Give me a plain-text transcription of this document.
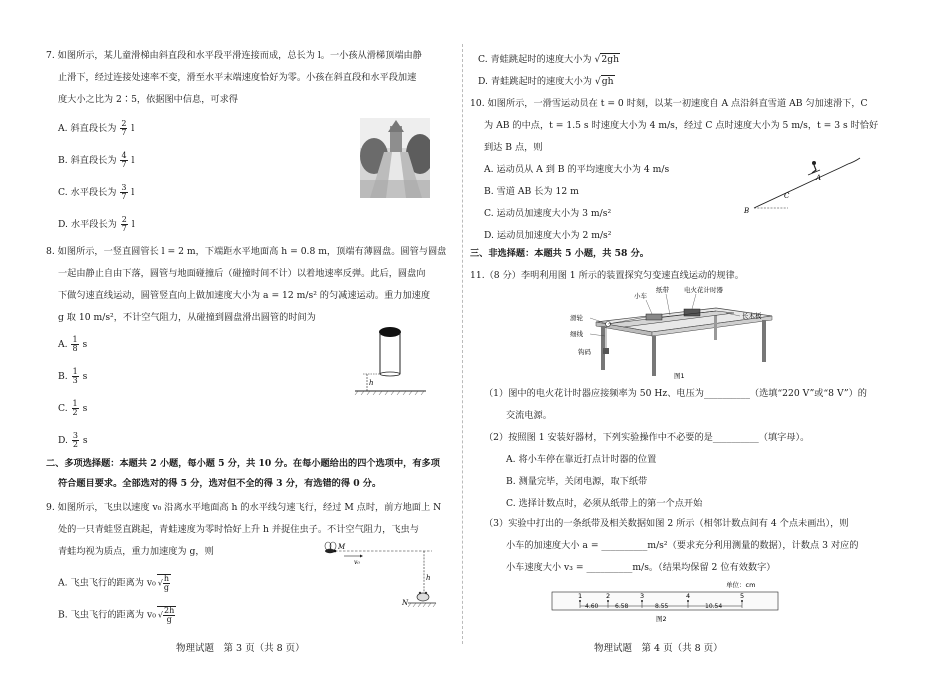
7. 如图所示，某儿童滑梯由斜直段和水平段平滑连接而成，总长为 l。一小孩从滑梯顶端由静
止滑下，经过连接处速率不变，滑至水平末端速度恰好为零。小孩在斜直段和水平段加速
度大小之比为 2∶5，依据图中信息，可求得
A. 斜直段长为 $\frac{2}{7}$ l
B. 斜直段长为 $\frac{4}{7}$ l
C. 水平段长为 $\frac{3}{7}$ l
D. 水平段长为 $\frac{2}{7}$ l
8. 如图所示，一竖直圆管长 l = 2 m，下端距水平地面高 h = 0.8 m，顶端有薄圆盘。圆管与圆盘
一起由静止自由下落，圆管与地面碰撞后（碰撞时间不计）以着地速率反弹。此后，圆盘向
下做匀速直线运动，圆管竖直向上做加速度大小为 a = 12 m/s² 的匀减速运动。重力加速度
g 取 10 m/s²，不计空气阻力，从碰撞到圆盘滑出圆管的时间为
A. $\frac{1}{8}$ s
B. $\frac{1}{3}$ s
C. $\frac{1}{2}$ s
D. $\frac{3}{2}$ s
h
二、多项选择题：本题共 2 小题，每小题 5 分，共 10 分。在每小题给出的四个选项中，有多项
符合题目要求。全部选对的得 5 分，选对但不全的得 3 分，有选错的得 0 分。
9. 如图所示，飞虫以速度 v₀ 沿离水平地面高 h 的水平线匀速飞行，经过 M 点时，前方地面上 N
处的一只青蛙竖直跳起，青蛙速度为零时恰好上升 h 并捉住虫子。不计空气阻力，飞虫与
青蛙均视为质点，重力加速度为 g，则
A. 飞虫飞行的距离为 v₀ √ $\frac{h}{g}$
B. 飞虫飞行的距离为 v₀ √ $\frac{2h}{g}$
M
v₀
h
N
物理试题　第 3 页（共 8 页）
C. 青蛙跳起时的速度大小为 √2gh
D. 青蛙跳起时的速度大小为 √gh
10. 如图所示，一滑雪运动员在 t = 0 时刻，以某一初速度自 A 点沿斜直雪道 AB 匀加速滑下，C
为 AB 的中点，t = 1.5 s 时速度大小为 4 m/s，经过 C 点时速度大小为 5 m/s，t = 3 s 时恰好
到达 B 点，则
A. 运动员从 A 到 B 的平均速度大小为 4 m/s
B. 雪道 AB 长为 12 m
C. 运动员加速度大小为 3 m/s²
D. 运动员加速度大小为 2 m/s²
B
C
A
三、非选择题：本题共 5 小题，共 58 分。
11.（8 分）李明利用图 1 所示的装置探究匀变速直线运动的规律。
小车
纸带 电火花计时器
长木板
滑轮
细线
钩码
图1
（1）图中的电火花计时器应接频率为 50 Hz、电压为__________（选填“220 V”或“8 V”）的
交流电源。
（2）按照图 1 安装好器材，下列实验操作中不必要的是__________（填字母）。
A. 将小车停在靠近打点计时器的位置
B. 测量完毕，关闭电源，取下纸带
C. 选择计数点时，必须从纸带上的第一个点开始
（3）实验中打出的一条纸带及相关数据如图 2 所示（相邻计数点间有 4 个点未画出），则
小车的加速度大小 a = __________m/s²（要求充分利用测量的数据），计数点 3 对应的
小车速度大小 v₃ = __________m/s。（结果均保留 2 位有效数字）
单位：cm
1	2	3	4	5
4.60	6.58	8.55	10.54
图2
物理试题　第 4 页（共 8 页）
